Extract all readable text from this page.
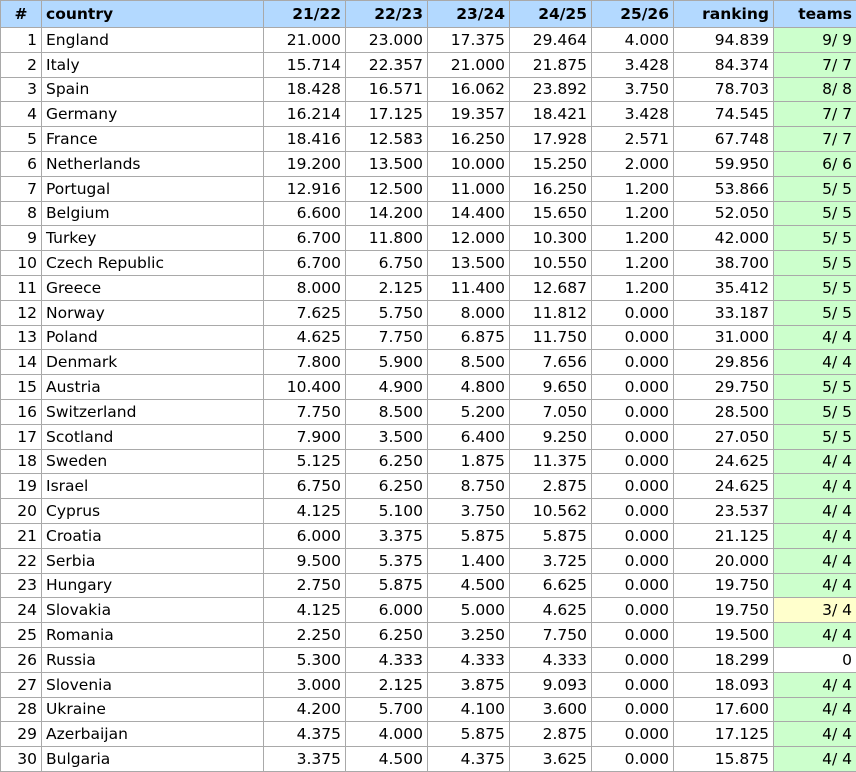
#	country	21/22	22/23	23/24	24/25	25/26	ranking	teams
1	England	21.000	23.000	17.375	29.464	4.000	94.839	9/ 9
2	Italy	15.714	22.357	21.000	21.875	3.428	84.374	7/ 7
3	Spain	18.428	16.571	16.062	23.892	3.750	78.703	8/ 8
4	Germany	16.214	17.125	19.357	18.421	3.428	74.545	7/ 7
5	France	18.416	12.583	16.250	17.928	2.571	67.748	7/ 7
6	Netherlands	19.200	13.500	10.000	15.250	2.000	59.950	6/ 6
7	Portugal	12.916	12.500	11.000	16.250	1.200	53.866	5/ 5
8	Belgium	6.600	14.200	14.400	15.650	1.200	52.050	5/ 5
9	Turkey	6.700	11.800	12.000	10.300	1.200	42.000	5/ 5
10	Czech Republic	6.700	6.750	13.500	10.550	1.200	38.700	5/ 5
11	Greece	8.000	2.125	11.400	12.687	1.200	35.412	5/ 5
12	Norway	7.625	5.750	8.000	11.812	0.000	33.187	5/ 5
13	Poland	4.625	7.750	6.875	11.750	0.000	31.000	4/ 4
14	Denmark	7.800	5.900	8.500	7.656	0.000	29.856	4/ 4
15	Austria	10.400	4.900	4.800	9.650	0.000	29.750	5/ 5
16	Switzerland	7.750	8.500	5.200	7.050	0.000	28.500	5/ 5
17	Scotland	7.900	3.500	6.400	9.250	0.000	27.050	5/ 5
18	Sweden	5.125	6.250	1.875	11.375	0.000	24.625	4/ 4
19	Israel	6.750	6.250	8.750	2.875	0.000	24.625	4/ 4
20	Cyprus	4.125	5.100	3.750	10.562	0.000	23.537	4/ 4
21	Croatia	6.000	3.375	5.875	5.875	0.000	21.125	4/ 4
22	Serbia	9.500	5.375	1.400	3.725	0.000	20.000	4/ 4
23	Hungary	2.750	5.875	4.500	6.625	0.000	19.750	4/ 4
24	Slovakia	4.125	6.000	5.000	4.625	0.000	19.750	3/ 4
25	Romania	2.250	6.250	3.250	7.750	0.000	19.500	4/ 4
26	Russia	5.300	4.333	4.333	4.333	0.000	18.299	0
27	Slovenia	3.000	2.125	3.875	9.093	0.000	18.093	4/ 4
28	Ukraine	4.200	5.700	4.100	3.600	0.000	17.600	4/ 4
29	Azerbaijan	4.375	4.000	5.875	2.875	0.000	17.125	4/ 4
30	Bulgaria	3.375	4.500	4.375	3.625	0.000	15.875	4/ 4
